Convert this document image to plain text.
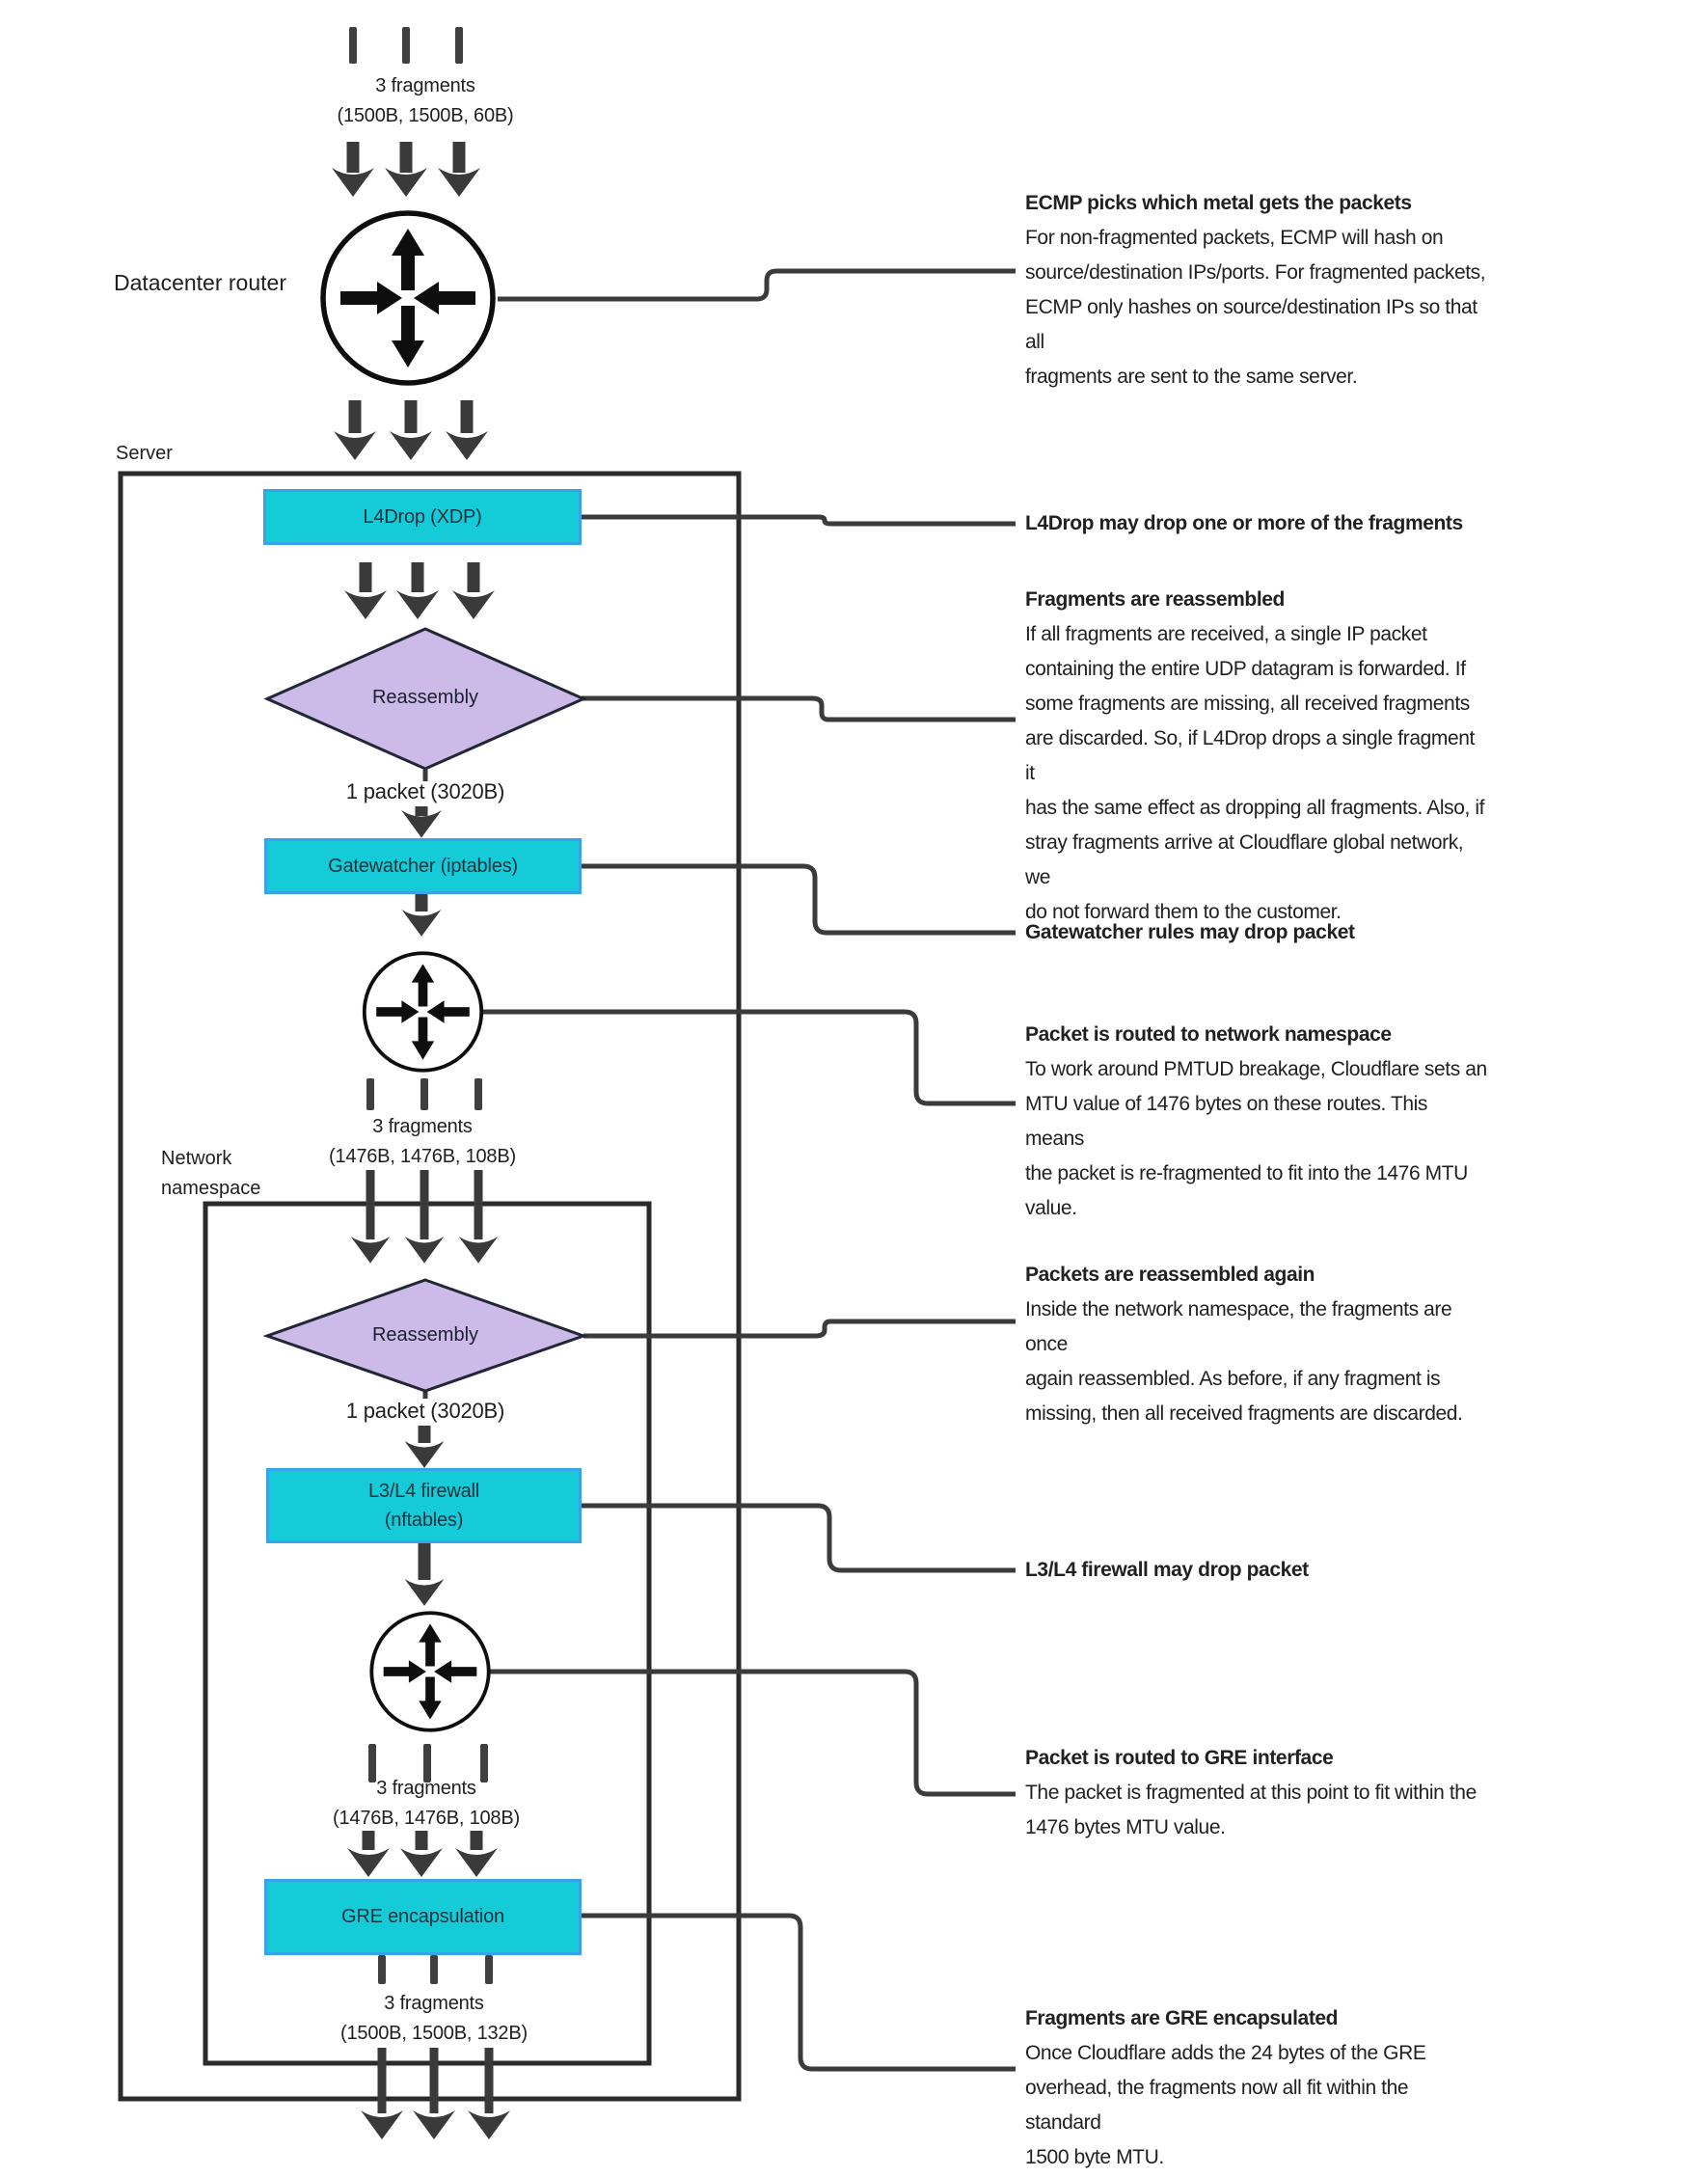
L4Drop (XDP)
Gatewatcher (iptables)
L3/L4 firewall
(nftables)
GRE encapsulation
Reassembly
Reassembly
Datacenter router
Server
Network namespace
3 fragments
(1500B, 1500B, 60B)
3 fragments
(1476B, 1476B, 108B)
3 fragments
(1476B, 1476B, 108B)
3 fragments
(1500B, 1500B, 132B)
1 packet (3020B)
1 packet (3020B)
ECMP picks which metal gets the packets
For non-fragmented packets, ECMP will hash on
source/destination IPs/ports. For fragmented packets,
ECMP only hashes on source/destination IPs so that all
fragments are sent to the same server.
L4Drop may drop one or more of the fragments
Fragments are reassembled
If all fragments are received, a single IP packet
containing the entire UDP datagram is forwarded. If
some fragments are missing, all received fragments
are discarded. So, if L4Drop drops a single fragment it
has the same effect as dropping all fragments. Also, if
stray fragments arrive at Cloudflare global network, we
do not forward them to the customer.
Gatewatcher rules may drop packet
Packet is routed to network namespace
To work around PMTUD breakage, Cloudflare sets an
MTU value of 1476 bytes on these routes. This means
the packet is re-fragmented to fit into the 1476 MTU
value.
Packets are reassembled again
Inside the network namespace, the fragments are once
again reassembled. As before, if any fragment is
missing, then all received fragments are discarded.
L3/L4 firewall may drop packet
Packet is routed to GRE interface
The packet is fragmented at this point to fit within the
1476 bytes MTU value.
Fragments are GRE encapsulated
Once Cloudflare adds the 24 bytes of the GRE
overhead, the fragments now all fit within the standard
1500 byte MTU.
